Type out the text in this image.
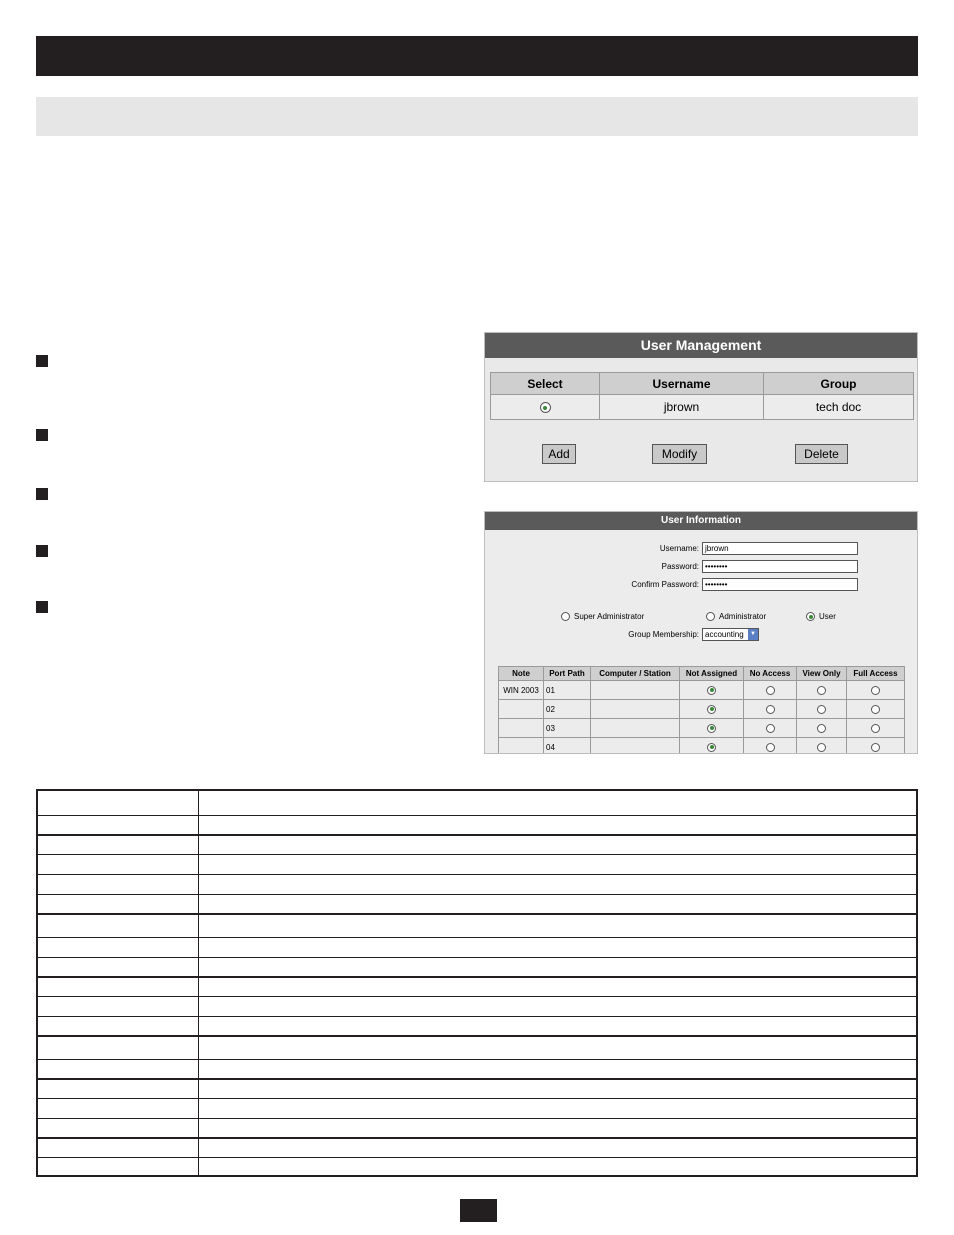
User Management
Select	Username	Group
	jbrown	tech doc
Add	Modify	Delete
User Information
Username: jbrown
Password: ••••••••
Confirm Password: ••••••••
Super Administrator	Administrator	User
Group Membership: accounting	▼
Note	Port Path	Computer / Station	Not Assigned	No Access	View Only	Full Access
WIN 2003	01					
	02					
	03					
	04					
